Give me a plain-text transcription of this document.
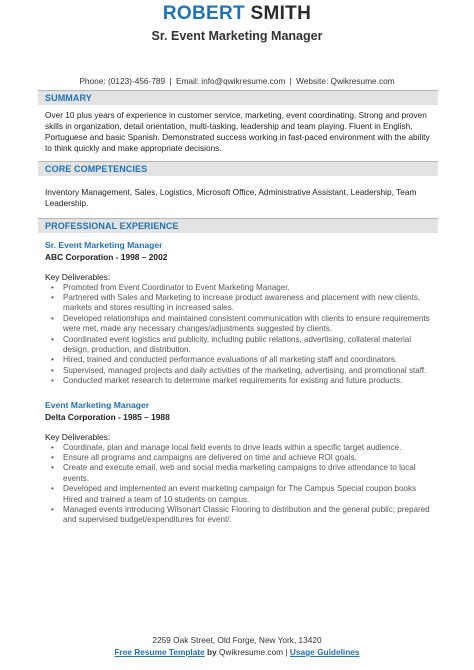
ROBERT SMITH
Sr. Event Marketing Manager
Phone: (0123)-456-789 | Email: info@qwikresume.com | Website: Qwikresume.com
SUMMARY
Over 10 plus years of experience in customer service, marketing, event coordinating. Strong and proven skills in organization, detail orientation, multi-tasking, leadership and team playing. Fluent in English, Portuguese and basic Spanish. Demonstrated success working in fast-paced environment with the ability to think quickly and make appropriate decisions.
CORE COMPETENCIES
Inventory Management, Sales, Logistics, Microsoft Office, Administrative Assistant, Leadership, Team Leadership.
PROFESSIONAL EXPERIENCE
Sr. Event Marketing Manager
ABC Corporation - 1998 – 2002
Key Deliverables:
• Promoted from Event Coordinator to Event Marketing Manager.
• Partnered with Sales and Marketing to increase product awareness and placement with new clients, markets and stores resulting in increased sales.
• Developed relationships and maintained consistent communication with clients to ensure requirements were met, made any necessary changes/adjustments suggested by clients.
• Coordinated event logistics and publicity, including public relations, advertising, collateral material design, production, and distribution.
• Hired, trained and conducted performance evaluations of all marketing staff and coordinators.
• Supervised, managed projects and daily activities of the marketing, advertising, and promotional staff.
• Conducted market research to determine market requirements for existing and future products.
Event Marketing Manager
Delta Corporation - 1985 – 1988
Key Deliverables:
• Coordinate, plan and manage local field events to drive leads within a specific target audience.
• Ensure all programs and campaigns are delivered on time and achieve ROI goals.
• Create and execute email, web and social media marketing campaigns to drive attendance to local events.
• Developed and implemented an event marketing campaign for The Campus Special coupon books Hired and trained a team of 10 students on campus.
• Managed events introducing Wilsonart Classic Flooring to distribution and the general public; prepared and supervised budget/expenditures for event/.
2259 Oak Street, Old Forge, New York, 13420
Free Resume Template by Qwikresume.com | Usage Guidelines
